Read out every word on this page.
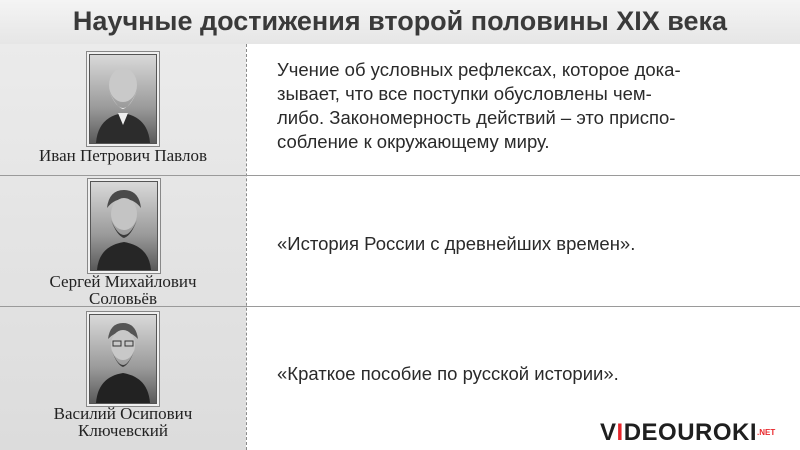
Научные достижения второй половины XIX века
Иван Петрович Павлов
Учение об условных рефлексах, которое дока-
зывает, что все поступки обусловлены чем-
либо. Закономерность действий – это приспо-
собление к окружающему миру.
Сергей Михайлович
Соловьёв
«История России с древнейших времен».
Василий Осипович
Ключевский
«Краткое пособие по русской истории».
$VIDEOUROKI^{.NET}$
